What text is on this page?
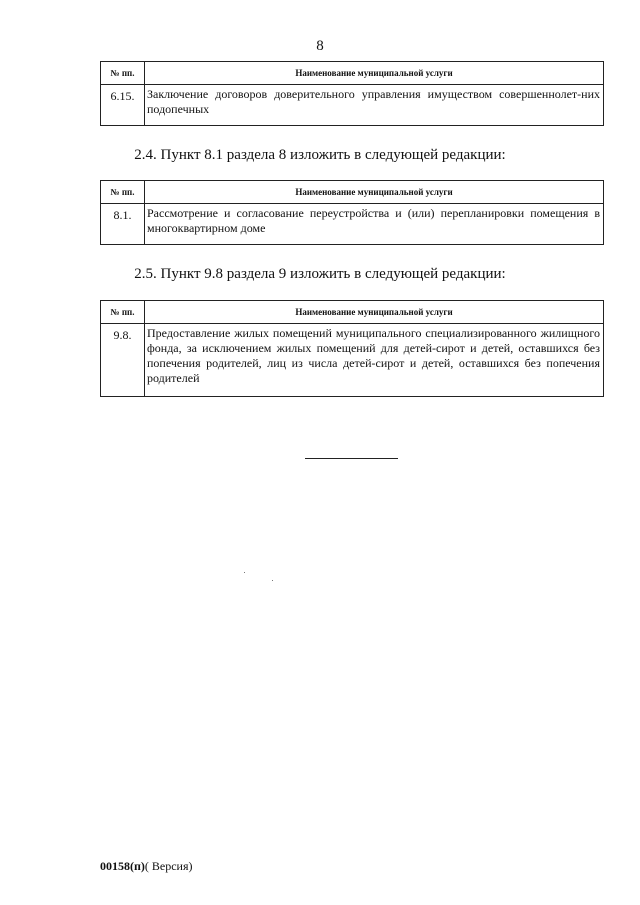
8
№ пп.	Наименование муниципальной услуги
6.15.	Заключение договоров доверительного управления имуществом совершеннолет-них подопечных
2.4. Пункт 8.1 раздела 8 изложить в следующей редакции:
№ пп.	Наименование муниципальной услуги
8.1.	Рассмотрение и согласование переустройства и (или) перепланировки помещения в многоквартирном доме
2.5. Пункт 9.8 раздела 9 изложить в следующей редакции:
№ пп.	Наименование муниципальной услуги
9.8.	Предоставление жилых помещений муниципального специализированного жилищного фонда, за исключением жилых помещений для детей-сирот и детей, оставшихся без попечения родителей, лиц из числа детей-сирот и детей, оставшихся без попечения родителей
00158(п)( Версия)
